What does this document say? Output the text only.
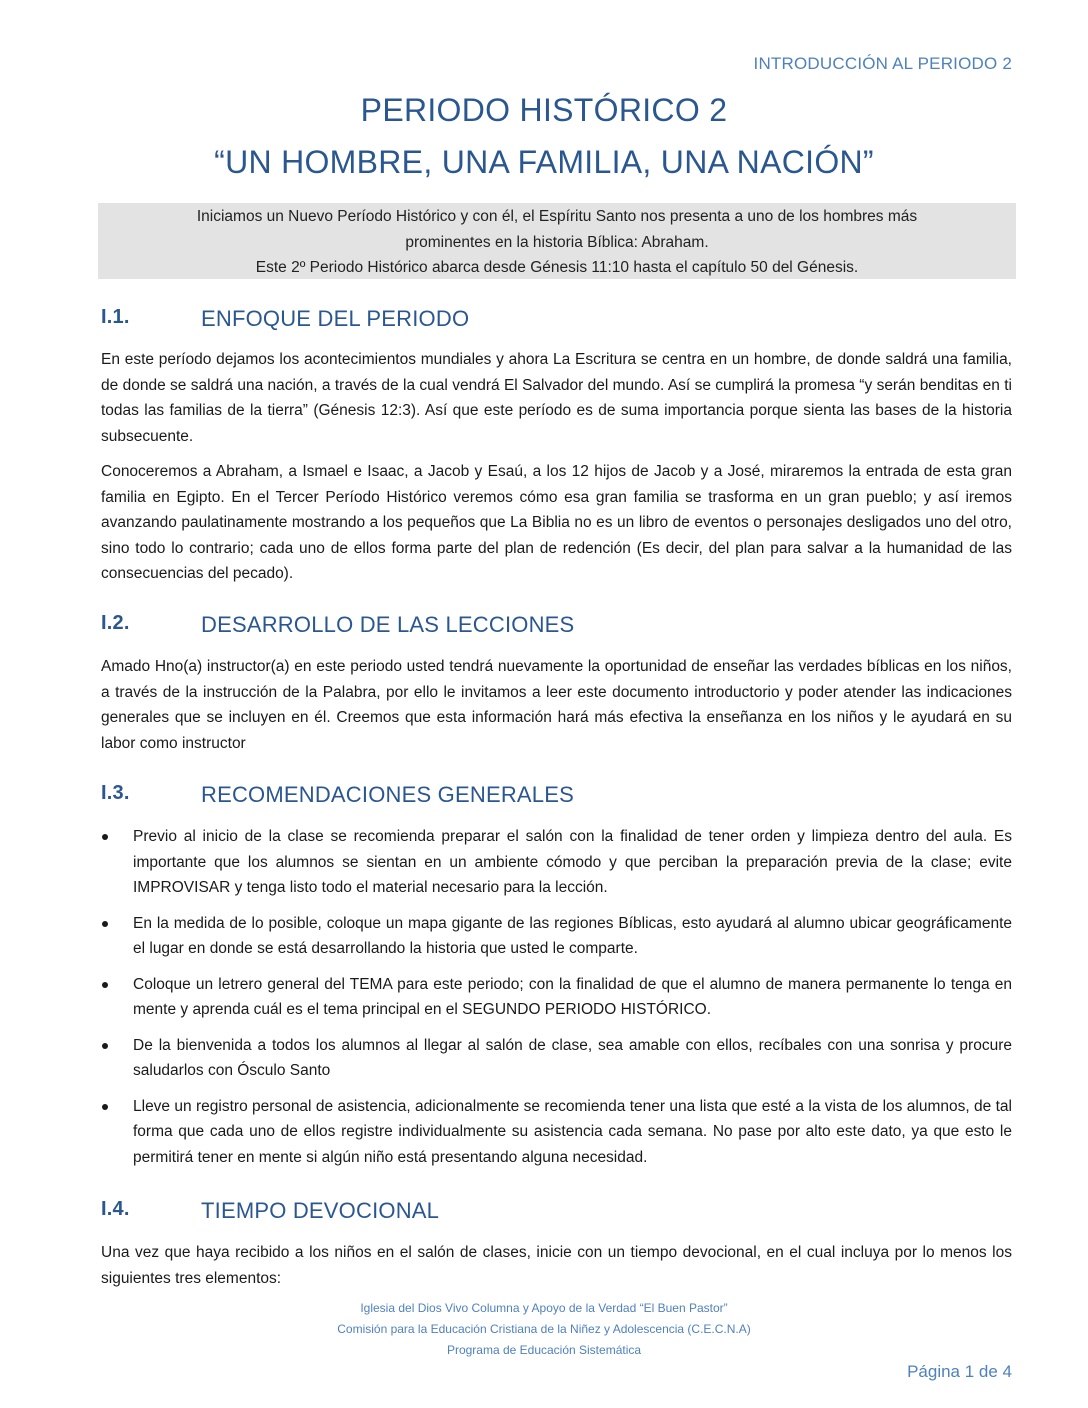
INTRODUCCIÓN AL PERIODO 2
PERIODO HISTÓRICO 2
“UN HOMBRE, UNA FAMILIA, UNA NACIÓN”
Iniciamos un Nuevo Período Histórico y con él, el Espíritu Santo nos presenta a uno de los hombres más
prominentes en la historia Bíblica: Abraham.
Este 2º Periodo Histórico abarca desde Génesis 11:10 hasta el capítulo 50 del Génesis.
I.1.	ENFOQUE DEL PERIODO

En este período dejamos los acontecimientos mundiales y ahora La Escritura se centra en un hombre, de donde saldrá una familia, de donde se saldrá una nación, a través de la cual vendrá El Salvador del mundo. Así se cumplirá la promesa “y serán benditas en ti todas las familias de la tierra” (Génesis 12:3). Así que este período es de suma importancia porque sienta las bases de la historia subsecuente.

Conoceremos a Abraham, a Ismael e Isaac, a Jacob y Esaú, a los 12 hijos de Jacob y a José, miraremos la entrada de esta gran familia en Egipto. En el Tercer Período Histórico veremos cómo esa gran familia se trasforma en un gran pueblo; y así iremos avanzando paulatinamente mostrando a los pequeños que La Biblia no es un libro de eventos o personajes desligados uno del otro, sino todo lo contrario; cada uno de ellos forma parte del plan de redención (Es decir, del plan para salvar a la humanidad de las consecuencias del pecado).

I.2.	DESARROLLO DE LAS LECCIONES

Amado Hno(a) instructor(a) en este periodo usted tendrá nuevamente la oportunidad de enseñar las verdades bíblicas en los niños, a través de la instrucción de la Palabra, por ello le invitamos a leer este documento introductorio y poder atender las indicaciones generales que se incluyen en él. Creemos que esta información hará más efectiva la enseñanza en los niños y le ayudará en su labor como instructor

I.3.	RECOMENDACIONES GENERALES
Previo al inicio de la clase se recomienda preparar el salón con la finalidad de tener orden y limpieza dentro del aula. Es importante que los alumnos se sientan en un ambiente cómodo y que perciban la preparación previa de la clase; evite IMPROVISAR y tenga listo todo el material necesario para la lección.
En la medida de lo posible, coloque un mapa gigante de las regiones Bíblicas, esto ayudará al alumno ubicar geográficamente el lugar en donde se está desarrollando la historia que usted le comparte.
Coloque un letrero general del TEMA para este periodo; con la finalidad de que el alumno de manera permanente lo tenga en mente y aprenda cuál es el tema principal en el SEGUNDO PERIODO HISTÓRICO.
De la bienvenida a todos los alumnos al llegar al salón de clase, sea amable con ellos, recíbales con una sonrisa y procure saludarlos con Ósculo Santo
Lleve un registro personal de asistencia, adicionalmente se recomienda tener una lista que esté a la vista de los alumnos, de tal forma que cada uno de ellos registre individualmente su asistencia cada semana. No pase por alto este dato, ya que esto le permitirá tener en mente si algún niño está presentando alguna necesidad.
I.4.	TIEMPO DEVOCIONAL

Una vez que haya recibido a los niños en el salón de clases, inicie con un tiempo devocional, en el cual incluya por lo menos los siguientes tres elementos:

Iglesia del Dios Vivo Columna y Apoyo de la Verdad “El Buen Pastor”
Comisión para la Educación Cristiana de la Niñez y Adolescencia (C.E.C.N.A)
Programa de Educación Sistemática
Página 1 de 4
